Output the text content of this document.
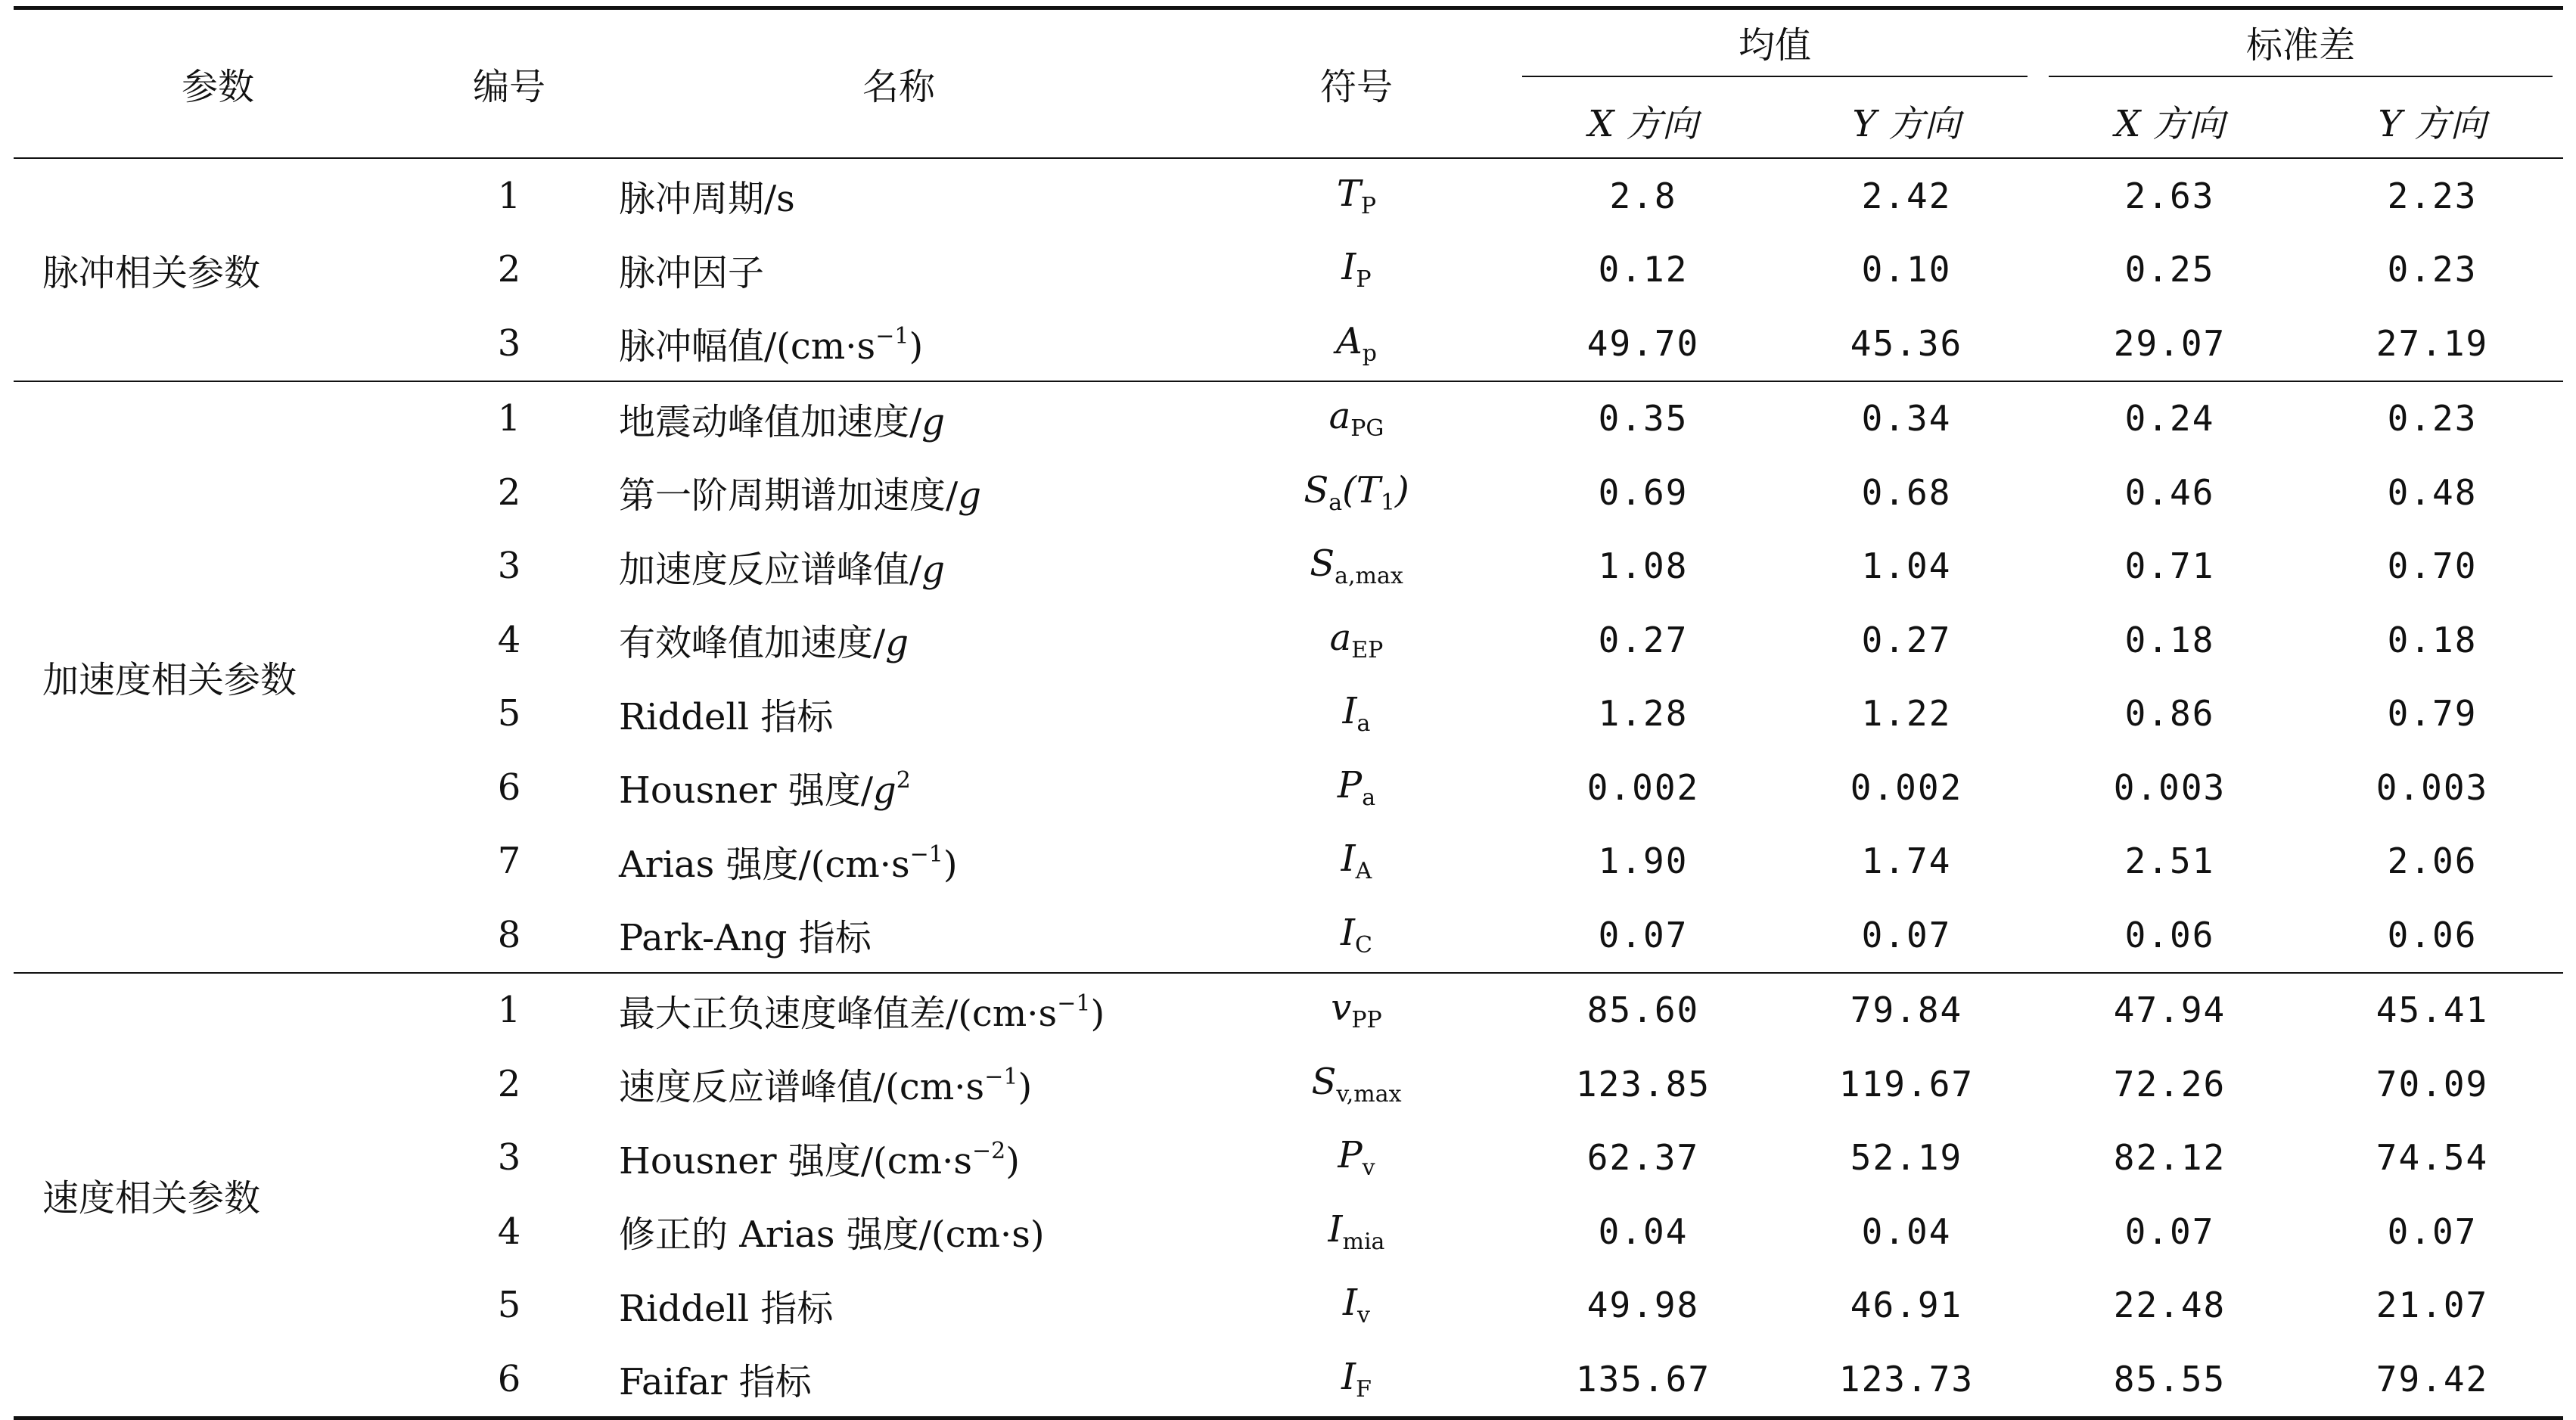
参数	编号	名称	符号	均值		标准差	

				X 方向	Y 方向	X 方向	Y 方向
脉冲相关参数	1	脉冲周期/s	$T_P$	2.8	2.42	2.63	2.23
	2	脉冲因子	$I_P$	0.12	0.10	0.25	0.23
	3	脉冲幅值$/(cm\cdot s^{-1})$	$A_p$	49.70	45.36	29.07	27.19
加速度相关参数	1	地震动峰值加速度/g	$a_{PG}$	0.35	0.34	0.24	0.23
	2	第一阶周期谱加速度/g	$S_a(T_1)$	0.69	0.68	0.46	0.48
	3	加速度反应谱峰值/g	$S_{a,max}$	1.08	1.04	0.71	0.70
	4	有效峰值加速度/g	$a_{EP}$	0.27	0.27	0.18	0.18
	5	Riddell 指标	$I_a$	1.28	1.22	0.86	0.79
	6	Housner 强度$/g^2$	$P_a$	0.002	0.002	0.003	0.003
	7	Arias 强度$/(cm\cdot s^{-1})$	$I_A$	1.90	1.74	2.51	2.06
	8	Park-Ang 指标	$I_C$	0.07	0.07	0.06	0.06
速度相关参数	1	最大正负速度峰值差$/(cm\cdot s^{-1})$	$v_{PP}$	85.60	79.84	47.94	45.41
	2	速度反应谱峰值$/(cm\cdot s^{-1})$	$S_{v,max}$	123.85	119.67	72.26	70.09
	3	Housner 强度$/(cm\cdot s^{-2})$	$P_v$	62.37	52.19	82.12	74.54
	4	修正的 Arias 强度/(cm·s)	$I_{mia}$	0.04	0.04	0.07	0.07
	5	Riddell 指标	$I_v$	49.98	46.91	22.48	21.07
	6	Faifar 指标	$I_F$	135.67	123.73	85.55	79.42
